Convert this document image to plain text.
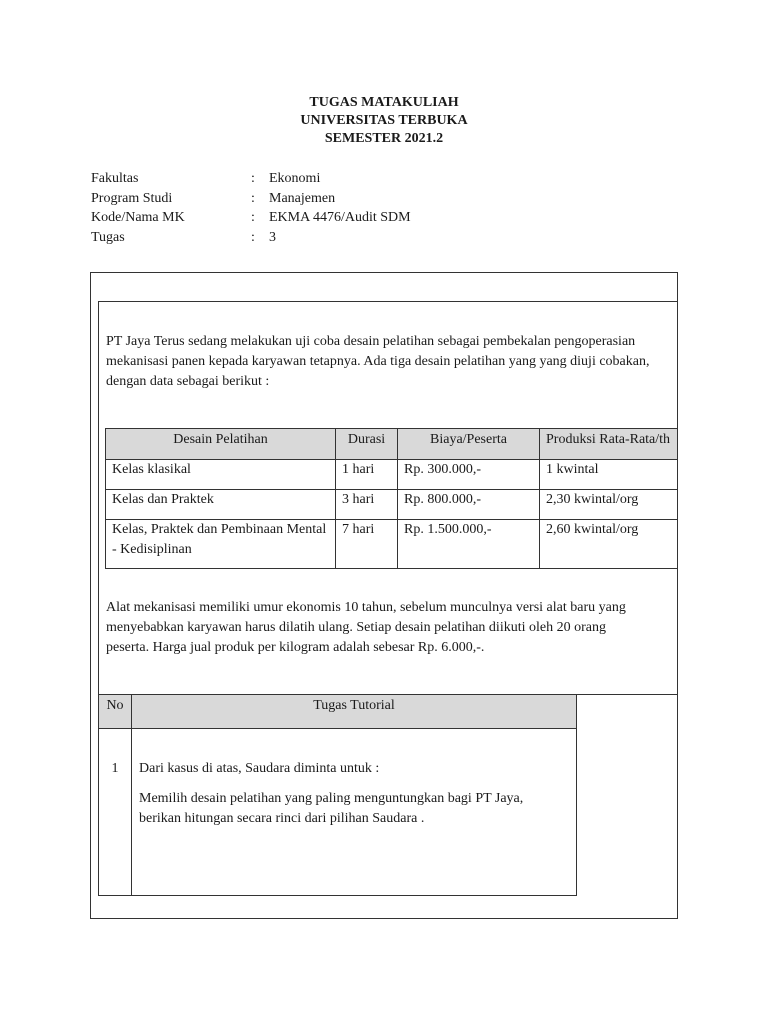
TUGAS MATAKULIAH
UNIVERSITAS TERBUKA
SEMESTER 2021.2
Fakultas	: Ekonomi
Program Studi	: Manajemen
Kode/Nama MK	: EKMA 4476/Audit SDM
Tugas	: 3
PT Jaya Terus sedang melakukan uji coba desain pelatihan sebagai pembekalan pengoperasian
mekanisasi panen kepada karyawan tetapnya. Ada tiga desain pelatihan yang yang diuji cobakan,
dengan data sebagai berikut :
Desain Pelatihan	Durasi	Biaya/Peserta	Produksi Rata-Rata/th
Kelas klasikal	1 hari	Rp. 300.000,-	1 kwintal
Kelas dan Praktek	3 hari	Rp. 800.000,-	2,30 kwintal/org
Kelas, Praktek dan Pembinaan Mental - Kedisiplinan	7 hari	Rp. 1.500.000,-	2,60 kwintal/org
Alat mekanisasi memiliki umur ekonomis 10 tahun, sebelum munculnya versi alat baru yang
menyebabkan karyawan harus dilatih ulang. Setiap desain pelatihan diikuti oleh 20 orang
peserta. Harga jual produk per kilogram adalah sebesar Rp. 6.000,-.
No	Tugas Tutorial
1	Dari kasus di atas, Saudara diminta untuk :

Memilih desain pelatihan yang paling menguntungkan bagi PT Jaya,
berikan hitungan secara rinci dari pilihan Saudara .
